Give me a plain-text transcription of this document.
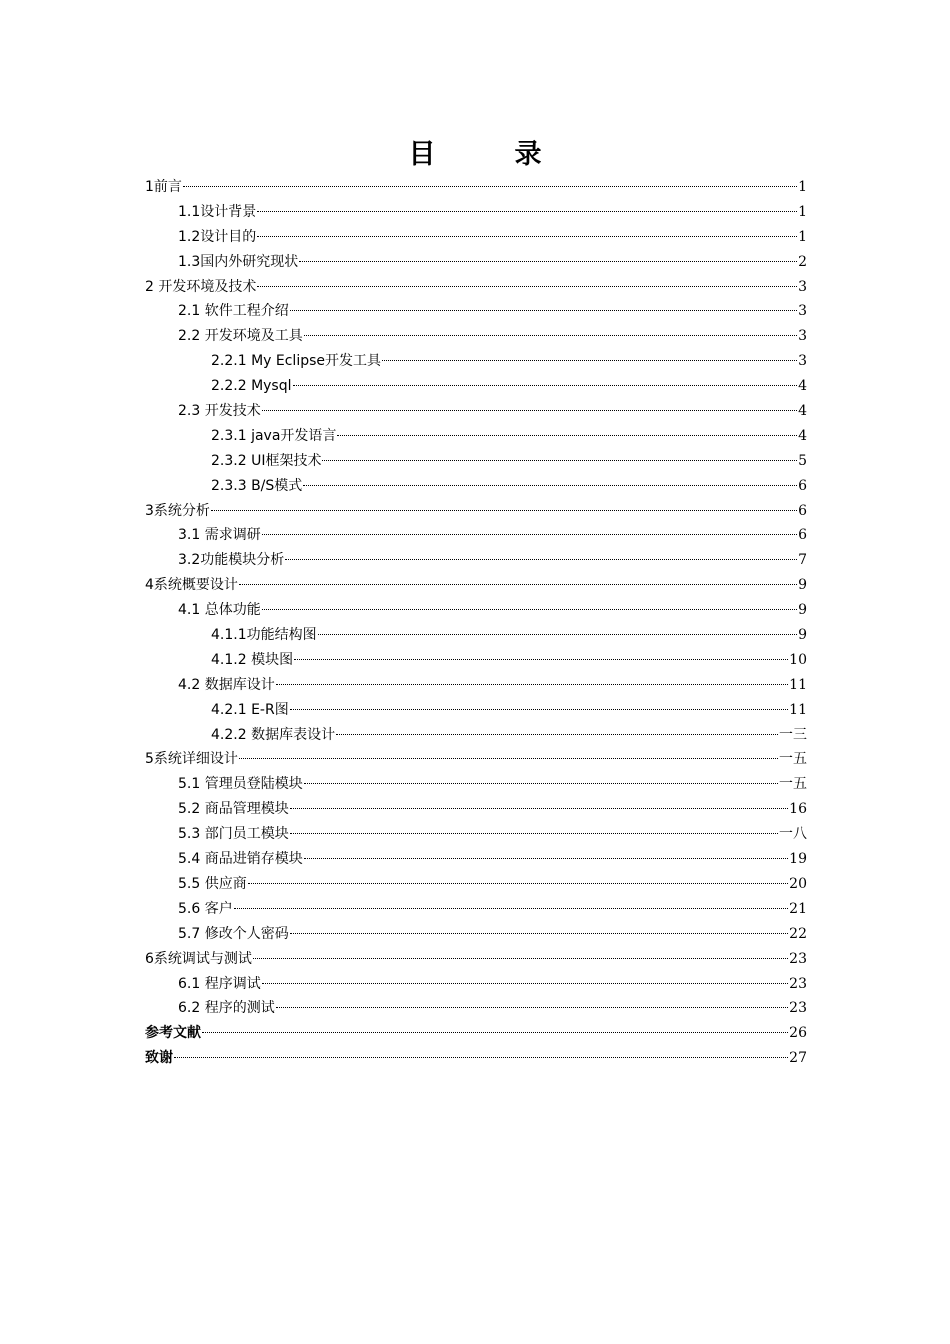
目　录
1前言	1
1.1设计背景	1
1.2设计目的	1
1.3国内外研究现状	2
2 开发环境及技术	3
2.1 软件工程介绍	3
2.2 开发环境及工具	3
2.2.1 My Eclipse开发工具	3
2.2.2 Mysql	4
2.3 开发技术	4
2.3.1 java开发语言	4
2.3.2 UI框架技术	5
2.3.3 B/S模式	6
3系统分析	6
3.1 需求调研	6
3.2功能模块分析	7
4系统概要设计	9
4.1 总体功能	9
4.1.1功能结构图	9
4.1.2 模块图	10
4.2 数据库设计	11
4.2.1 E-R图	11
4.2.2 数据库表设计	一三
5系统详细设计	一五
5.1 管理员登陆模块	一五
5.2 商品管理模块	16
5.3 部门员工模块	一八
5.4 商品进销存模块	19
5.5 供应商	20
5.6 客户	21
5.7 修改个人密码	22
6系统调试与测试	23
6.1 程序调试	23
6.2 程序的测试	23
参考文献	26
致谢	27
